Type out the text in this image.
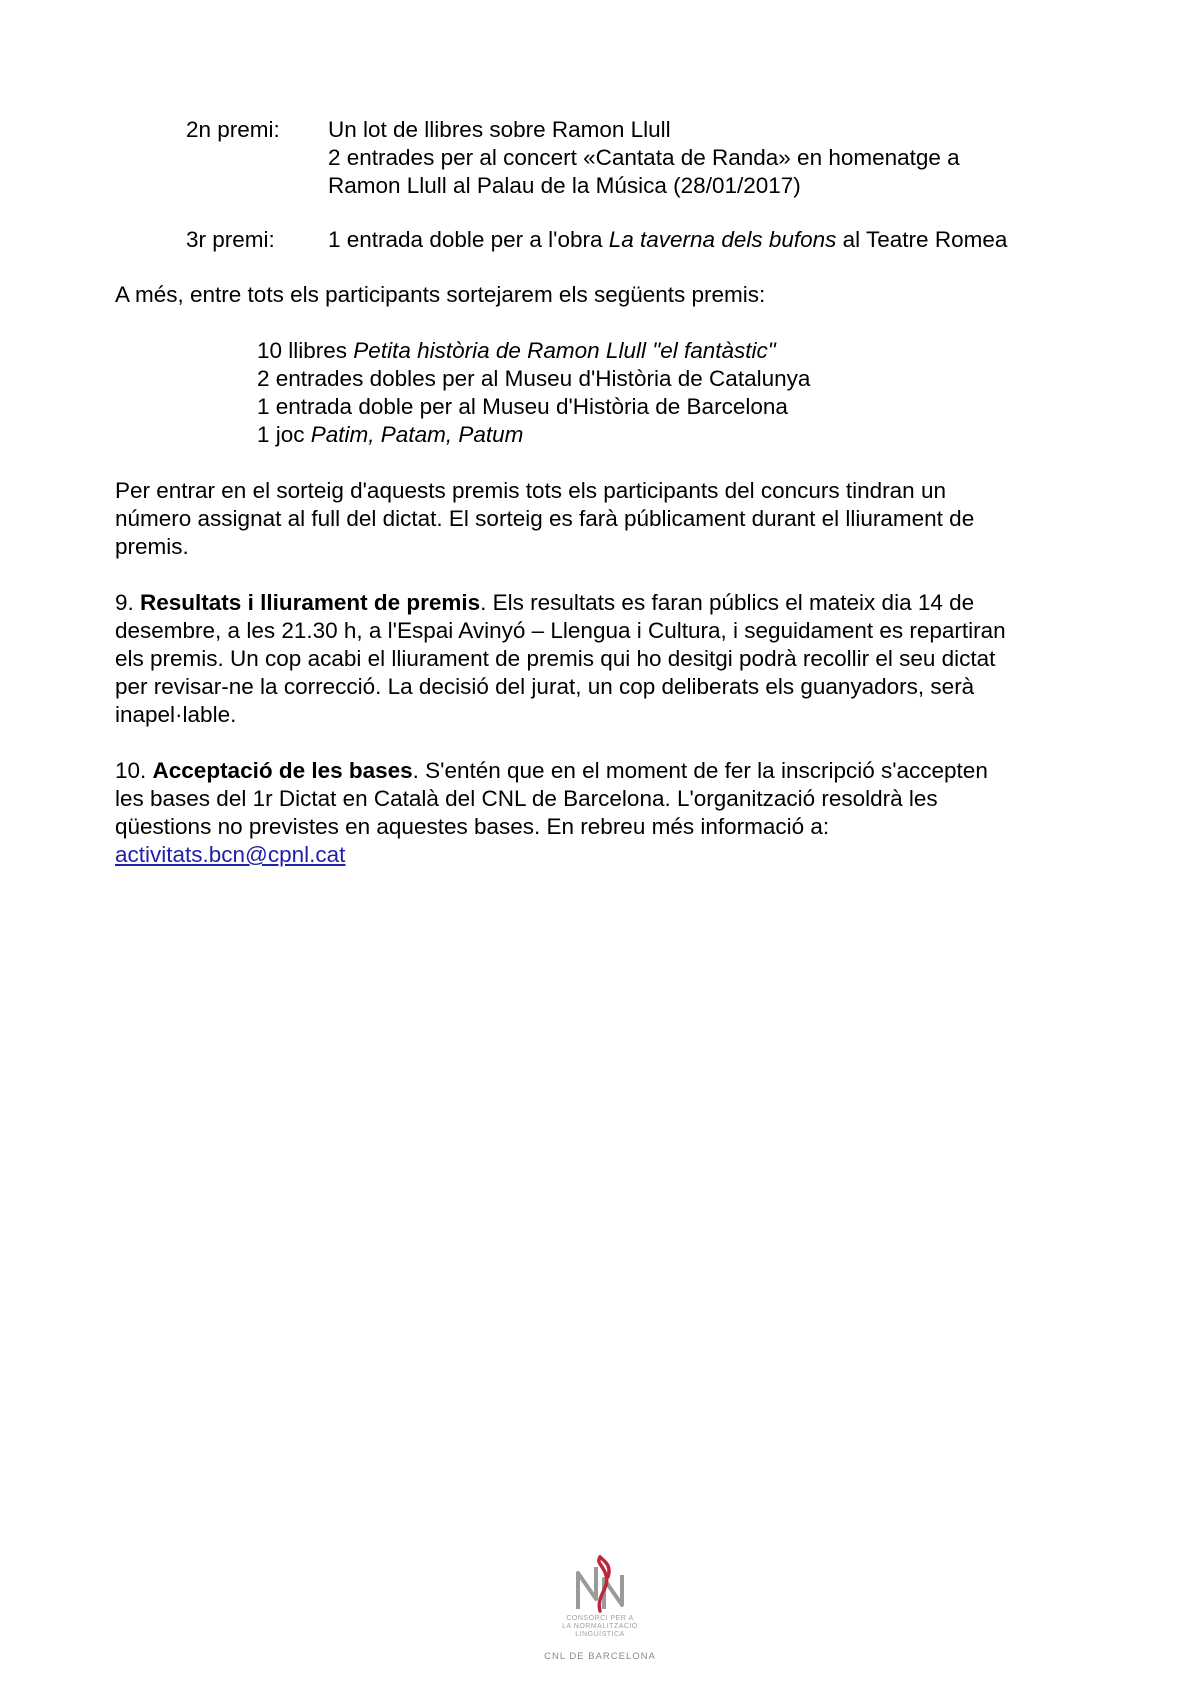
2n premi: Un lot de llibres sobre Ramon Llull
2 entrades per al concert «Cantata de Randa» en homenatge a
Ramon Llull al Palau de la Música (28/01/2017)
3r premi: 1 entrada doble per a l'obra La taverna dels bufons al Teatre Romea
A més, entre tots els participants sortejarem els següents premis:
10 llibres Petita història de Ramon Llull "el fantàstic"
2 entrades dobles per al Museu d'Història de Catalunya
1 entrada doble per al Museu d'Història de Barcelona
1 joc Patim, Patam, Patum
Per entrar en el sorteig d'aquests premis tots els participants del concurs tindran un
número assignat al full del dictat. El sorteig es farà públicament durant el lliurament de
premis.
9. Resultats i lliurament de premis. Els resultats es faran públics el mateix dia 14 de
desembre, a les 21.30 h, a l'Espai Avinyó – Llengua i Cultura, i seguidament es repartiran
els premis. Un cop acabi el lliurament de premis qui ho desitgi podrà recollir el seu dictat
per revisar-ne la correcció. La decisió del jurat, un cop deliberats els guanyadors, serà
inapel·lable.
10. Acceptació de les bases. S'entén que en el moment de fer la inscripció s'accepten
les bases del 1r Dictat en Català del CNL de Barcelona. L'organització resoldrà les
qüestions no previstes en aquestes bases. En rebreu més informació a:
activitats.bcn@cpnl.cat
CONSORCI PER A
LA NORMALITZACIÓ
LINGÜÍSTICA
CNL DE BARCELONA
